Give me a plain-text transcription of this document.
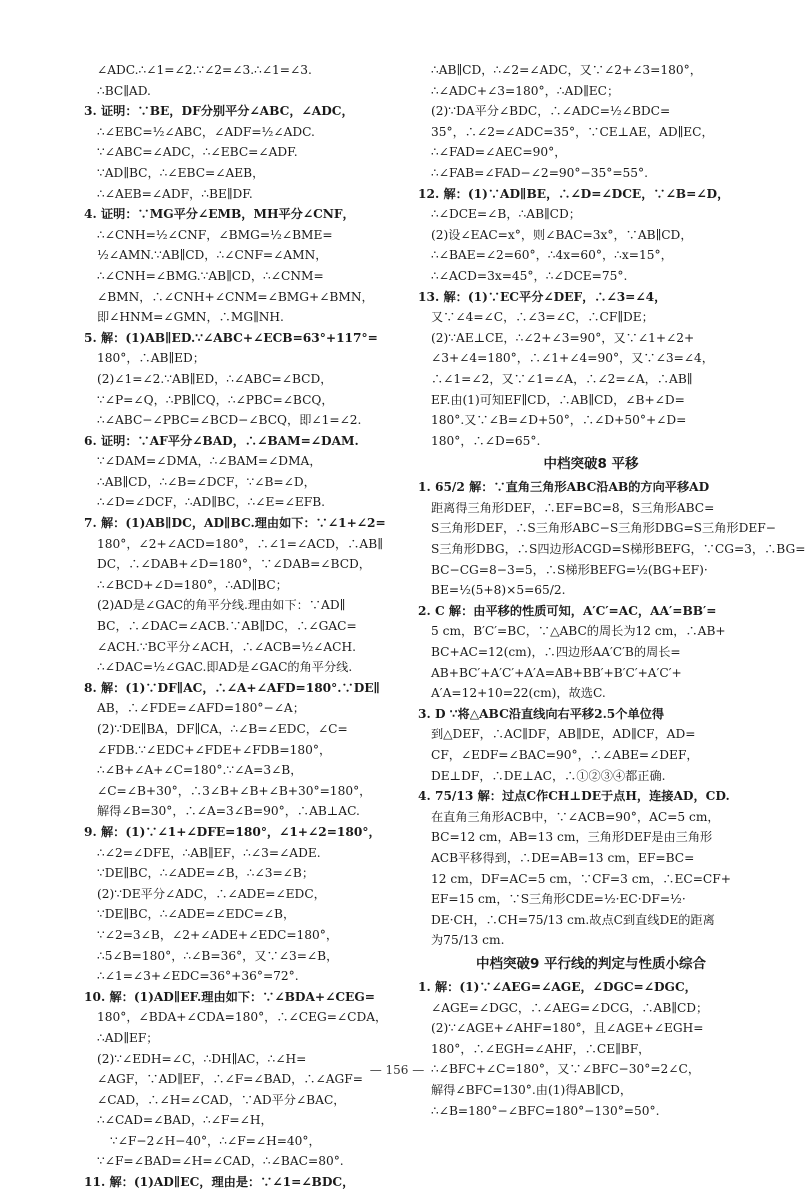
∠ADC.∴∠1=∠2.∵∠2=∠3.∴∠1=∠3.
∴BC∥AD.
3. 证明：∵BE，DF分别平分∠ABC，∠ADC，
∴∠EBC=½∠ABC，∠ADF=½∠ADC.
∵∠ABC=∠ADC，∴∠EBC=∠ADF.
∵AD∥BC，∴∠EBC=∠AEB，
∴∠AEB=∠ADF，∴BE∥DF.
4. 证明：∵MG平分∠EMB，MH平分∠CNF，
∴∠CNH=½∠CNF，∠BMG=½∠BME=
½∠AMN.∵AB∥CD，∴∠CNF=∠AMN，
∴∠CNH=∠BMG.∵AB∥CD，∴∠CNM=
∠BMN，∴∠CNH+∠CNM=∠BMG+∠BMN，
即∠HNM=∠GMN，∴MG∥NH.
5. 解：(1)AB∥ED.∵∠ABC+∠ECB=63°+117°=
180°，∴AB∥ED；
(2)∠1=∠2.∵AB∥ED，∴∠ABC=∠BCD，
∵∠P=∠Q，∴PB∥CQ，∴∠PBC=∠BCQ，
∴∠ABC−∠PBC=∠BCD−∠BCQ，即∠1=∠2.
6. 证明：∵AF平分∠BAD，∴∠BAM=∠DAM.
∵∠DAM=∠DMA，∴∠BAM=∠DMA，
∴AB∥CD，∴∠B=∠DCF，∵∠B=∠D，
∴∠D=∠DCF，∴AD∥BC，∴∠E=∠EFB.
7. 解：(1)AB∥DC，AD∥BC.理由如下：∵∠1+∠2=
180°，∠2+∠ACD=180°，∴∠1=∠ACD，∴AB∥
DC，∴∠DAB+∠D=180°，∵∠DAB=∠BCD，
∴∠BCD+∠D=180°，∴AD∥BC；
(2)AD是∠GAC的角平分线.理由如下：∵AD∥
BC，∴∠DAC=∠ACB.∵AB∥DC，∴∠GAC=
∠ACH.∵BC平分∠ACH，∴∠ACB=½∠ACH.
∴∠DAC=½∠GAC.即AD是∠GAC的角平分线.
8. 解：(1)∵DF∥AC，∴∠A+∠AFD=180°.∵DE∥
AB，∴∠FDE=∠AFD=180°−∠A；
(2)∵DE∥BA，DF∥CA，∴∠B=∠EDC，∠C=
∠FDB.∵∠EDC+∠FDE+∠FDB=180°，
∴∠B+∠A+∠C=180°.∵∠A=3∠B，
∠C=∠B+30°，∴3∠B+∠B+∠B+30°=180°，
解得∠B=30°，∴∠A=3∠B=90°，∴AB⊥AC.
9. 解：(1)∵∠1+∠DFE=180°，∠1+∠2=180°，
∴∠2=∠DFE，∴AB∥EF，∴∠3=∠ADE.
∵DE∥BC，∴∠ADE=∠B，∴∠3=∠B；
(2)∵DE平分∠ADC，∴∠ADE=∠EDC，
∵DE∥BC，∴∠ADE=∠EDC=∠B，
∵∠2=3∠B，∠2+∠ADE+∠EDC=180°，
∴5∠B=180°，∴∠B=36°，又∵∠3=∠B，
∴∠1=∠3+∠EDC=36°+36°=72°.
10. 解：(1)AD∥EF.理由如下：∵∠BDA+∠CEG=
180°，∠BDA+∠CDA=180°，∴∠CEG=∠CDA，
∴AD∥EF；
(2)∵∠EDH=∠C，∴DH∥AC，∴∠H=
∠AGF，∵AD∥EF，∴∠F=∠BAD，∴∠AGF=
∠CAD，∴∠H=∠CAD，∵AD平分∠BAC，
∴∠CAD=∠BAD，∴∠F=∠H，
∵∠F−2∠H−40°，∴∠F=∠H=40°，
∵∠F=∠BAD=∠H=∠CAD，∴∠BAC=80°.
11. 解：(1)AD∥EC，理由是：∵∠1=∠BDC，
∴AB∥CD，∴∠2=∠ADC，又∵∠2+∠3=180°，
∴∠ADC+∠3=180°，∴AD∥EC；
(2)∵DA平分∠BDC，∴∠ADC=½∠BDC=
35°，∴∠2=∠ADC=35°，∵CE⊥AE，AD∥EC，
∴∠FAD=∠AEC=90°，
∴∠FAB=∠FAD−∠2=90°−35°=55°.
12. 解：(1)∵AD∥BE，∴∠D=∠DCE，∵∠B=∠D，
∴∠DCE=∠B，∴AB∥CD；
(2)设∠EAC=x°，则∠BAC=3x°，∵AB∥CD，
∴∠BAE=∠2=60°，∴4x=60°，∴x=15°，
∴∠ACD=3x=45°，∴∠DCE=75°.
13. 解：(1)∵EC平分∠DEF，∴∠3=∠4，
又∵∠4=∠C，∴∠3=∠C，∴CF∥DE；
(2)∵AE⊥CE，∴∠2+∠3=90°，又∵∠1+∠2+
∠3+∠4=180°，∴∠1+∠4=90°，又∵∠3=∠4，
∴∠1=∠2，又∵∠1=∠A，∴∠2=∠A，∴AB∥
EF.由(1)可知EF∥CD，∴AB∥CD，∠B+∠D=
180°.又∵∠B=∠D+50°，∴∠D+50°+∠D=
180°，∴∠D=65°.
中档突破8 平移
1. 65/2 解：∵直角三角形ABC沿AB的方向平移AD
距离得三角形DEF，∴EF=BC=8，S三角形ABC=
S三角形DEF，∴S三角形ABC−S三角形DBG=S三角形DEF−
S三角形DBG，∴S四边形ACGD=S梯形BEFG，∵CG=3，∴BG=
BC−CG=8−3=5，∴S梯形BEFG=½(BG+EF)·
BE=½(5+8)×5=65/2.
2. C 解：由平移的性质可知，A′C′=AC，AA′=BB′=
5 cm，B′C′=BC，∵△ABC的周长为12 cm，∴AB+
BC+AC=12(cm)，∴四边形AA′C′B的周长=
AB+BC′+A′C′+A′A=AB+BB′+B′C′+A′C′+
A′A=12+10=22(cm)，故选C.
3. D ∵将△ABC沿直线向右平移2.5个单位得
到△DEF，∴AC∥DF，AB∥DE，AD∥CF，AD=
CF，∠EDF=∠BAC=90°，∴∠ABE=∠DEF，
DE⊥DF，∴DE⊥AC，∴①②③④都正确.
4. 75/13 解：过点C作CH⊥DE于点H，连接AD，CD.
在直角三角形ACB中，∵∠ACB=90°，AC=5 cm，
BC=12 cm，AB=13 cm，三角形DEF是由三角形
ACB平移得到，∴DE=AB=13 cm，EF=BC=
12 cm，DF=AC=5 cm，∵CF=3 cm，∴EC=CF+
EF=15 cm，∵S三角形CDE=½·EC·DF=½·
DE·CH，∴CH=75/13 cm.故点C到直线DE的距离
为75/13 cm.
中档突破9 平行线的判定与性质小综合
1. 解：(1)∵∠AEG=∠AGE，∠DGC=∠DGC，
∠AGE=∠DGC，∴∠AEG=∠DCG，∴AB∥CD；
(2)∵∠AGE+∠AHF=180°，且∠AGE+∠EGH=
180°，∴∠EGH=∠AHF，∴CE∥BF，
∴∠BFC+∠C=180°，又∵∠BFC−30°=2∠C，
解得∠BFC=130°.由(1)得AB∥CD，
∴∠B=180°−∠BFC=180°−130°=50°.
— 156 —
